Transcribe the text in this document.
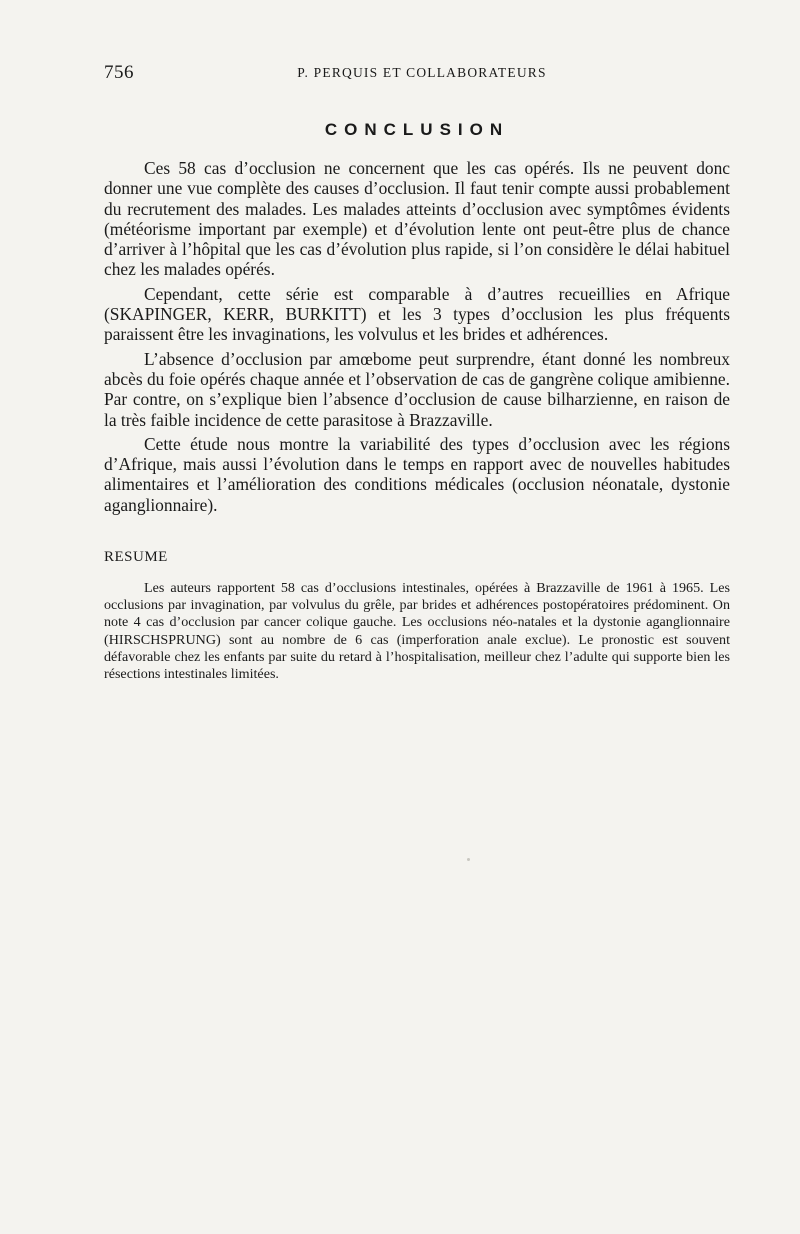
756	P. PERQUIS ET COLLABORATEURS
CONCLUSION

Ces 58 cas d’occlusion ne concernent que les cas opérés. Ils ne peuvent donc donner une vue complète des causes d’occlusion. Il faut tenir compte aussi probablement du recrutement des malades. Les malades atteints d’occlusion avec symptômes évidents (météorisme important par exemple) et d’évolution lente ont peut-être plus de chance d’arriver à l’hôpital que les cas d’évolution plus rapide, si l’on considère le délai habituel chez les malades opérés.

Cependant, cette série est comparable à d’autres recueillies en Afrique (SKAPINGER, KERR, BURKITT) et les 3 types d’occlusion les plus fréquents paraissent être les invaginations, les volvulus et les brides et adhérences.

L’absence d’occlusion par amœbome peut surprendre, étant donné les nombreux abcès du foie opérés chaque année et l’observation de cas de gangrène colique amibienne. Par contre, on s’explique bien l’absence d’occlusion de cause bilharzienne, en raison de la très faible incidence de cette parasitose à Brazzaville.

Cette étude nous montre la variabilité des types d’occlusion avec les régions d’Afrique, mais aussi l’évolution dans le temps en rapport avec de nouvelles habitudes alimentaires et l’amélioration des conditions médicales (occlusion néonatale, dystonie aganglionnaire).

RESUME

Les auteurs rapportent 58 cas d’occlusions intestinales, opérées à Brazzaville de 1961 à 1965. Les occlusions par invagination, par volvulus du grêle, par brides et adhérences postopératoires prédominent. On note 4 cas d’occlusion par cancer colique gauche. Les occlusions néo-natales et la dystonie aganglionnaire (HIRSCHSPRUNG) sont au nombre de 6 cas (imperforation anale exclue). Le pronostic est souvent défavorable chez les enfants par suite du retard à l’hospitalisation, meilleur chez l’adulte qui supporte bien les résections intestinales limitées.
